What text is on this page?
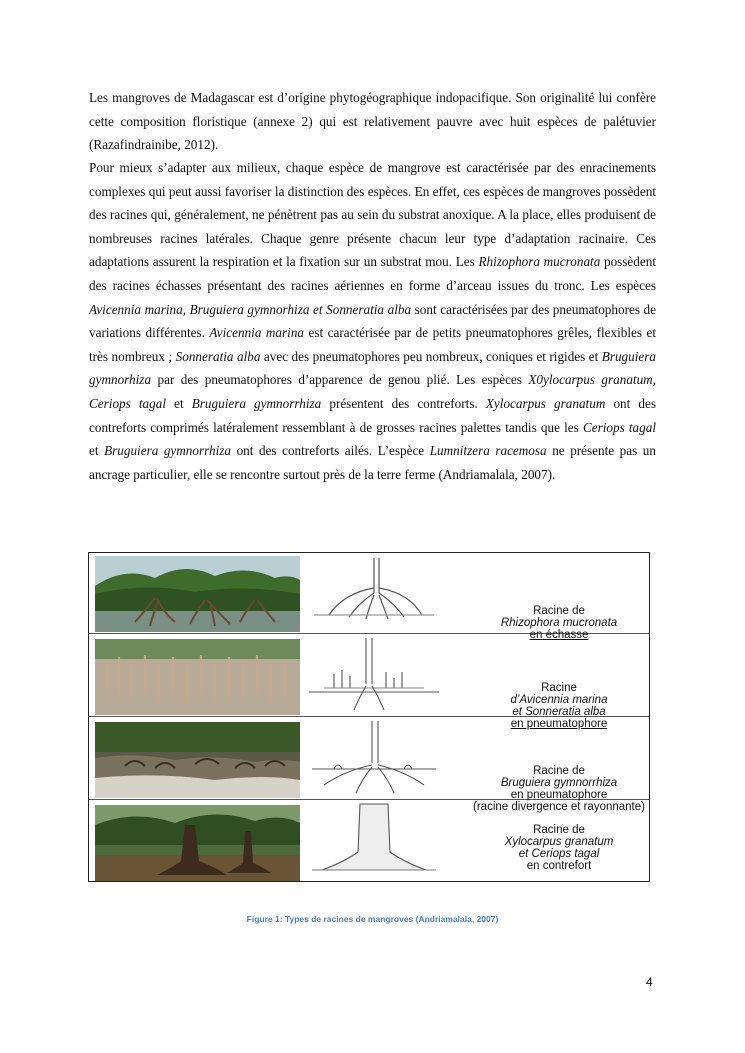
Les mangroves de Madagascar est d’origine phytogéographique indopacifique. Son originalité lui confère cette composition floristique (annexe 2) qui est relativement pauvre avec huit espèces de palétuvier (Razafindrainibe, 2012).

Pour mieux s’adapter aux milieux, chaque espèce de mangrove est caractérisée par des enracinements complexes qui peut aussi favoriser la distinction des espèces. En effet, ces espèces de mangroves possèdent des racines qui, généralement, ne pénètrent pas au sein du substrat anoxique. A la place, elles produisent de nombreuses racines latérales. Chaque genre présente chacun leur type d’adaptation racinaire. Ces adaptations assurent la respiration et la fixation sur un substrat mou. Les Rhizophora mucronata possèdent des racines échasses présentant des racines aériennes en forme d’arceau issues du tronc. Les espèces Avicennia marina, Bruguiera gymnorhiza et Sonneratia alba sont caractérisées par des pneumatophores de variations différentes. Avicennia marina est caractérisée par de petits pneumatophores grêles, flexibles et très nombreux ; Sonneratia alba avec des pneumatophores peu nombreux, coniques et rigides et Bruguiera gymnorhiza par des pneumatophores d’apparence de genou plié. Les espèces X0ylocarpus granatum, Ceriops tagal et Bruguiera gymnorrhiza présentent des contreforts. Xylocarpus granatum ont des contreforts comprimés latéralement ressemblant à de grosses racines palettes tandis que les Ceriops tagal et Bruguiera gymnorrhiza ont des contreforts ailés. L’espèce Lumnitzera racemosa ne présente pas un ancrage particulier, elle se rencontre surtout près de la terre ferme (Andriamalala, 2007).

Racine de
Rhizophora mucronata
en échasse
Racine
d’Avicennia marina
et Sonneratia alba
en pneumatophore
Racine de
Bruguiera gymnorrhiza
en pneumatophore
(racine divergence et rayonnante)
Racine de
Xylocarpus granatum
et Ceriops tagal
en contrefort
Figure 1: Types de racines de mangroves (Andriamalala, 2007)
4
